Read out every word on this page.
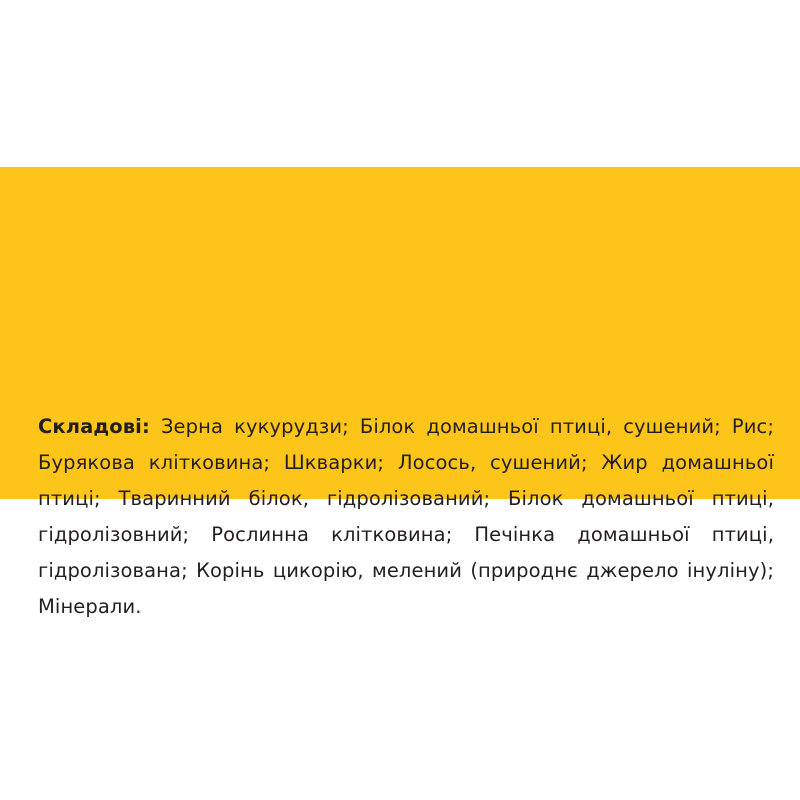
Складові: Зерна кукурудзи; Білок домашньої птиці, сушений; Рис; Бурякова клітковина; Шкварки; Лосось, сушений; Жир домашньої птиці; Тваринний білок, гідролізований; Білок домашньої птиці, гідролізовний; Рослинна клітковина; Печінка домашньої птиці, гідролізована; Корінь цикорію, мелений (природнє джерело інуліну); Мінерали.
